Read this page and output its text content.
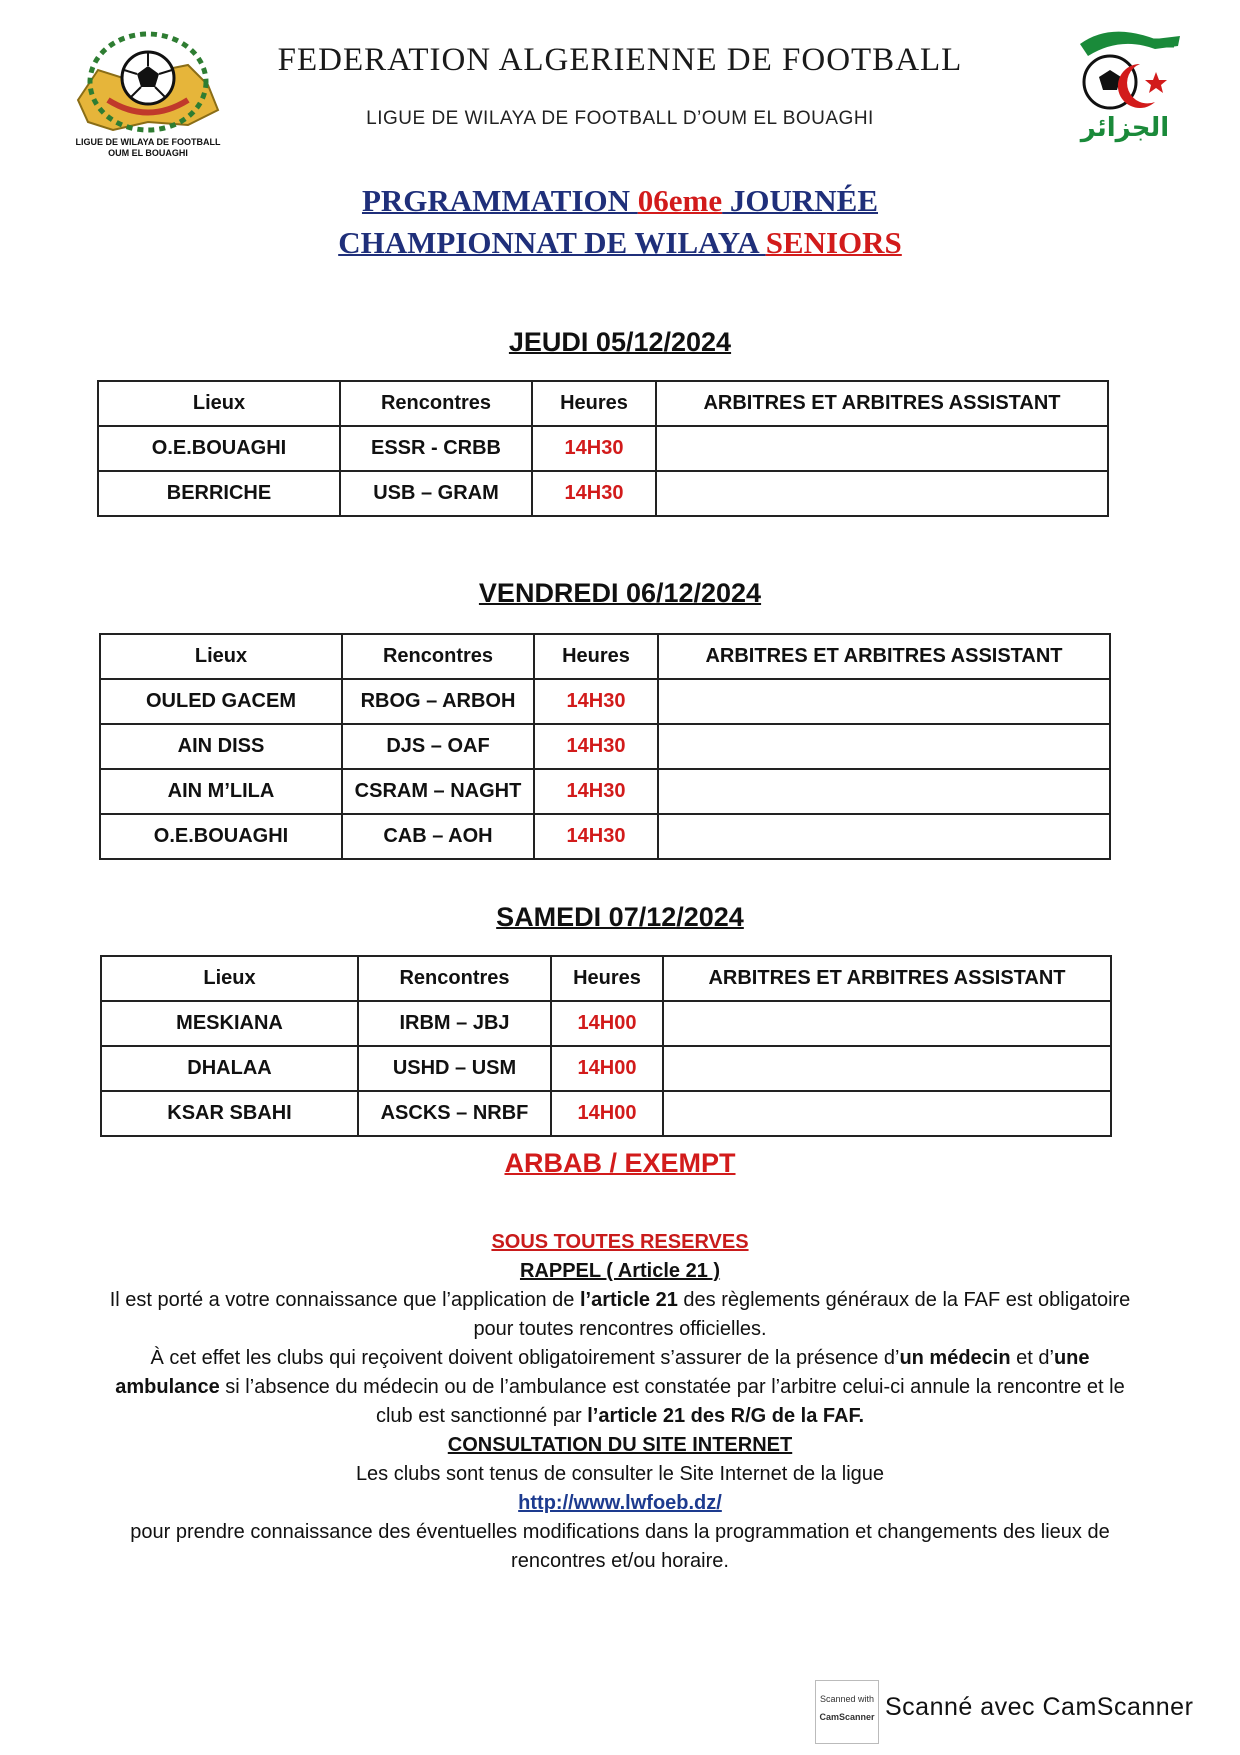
LIGUE DE WILAYA DE FOOTBALL
OUM EL BOUAGHI
FEDERATION ALGERIENNE DE FOOTBALL
LIGUE DE WILAYA DE FOOTBALL D’OUM EL BOUAGHI	الجزائر
PRGRAMMATION 06eme JOURNÉE
CHAMPIONNAT DE WILAYA SENIORS
JEUDI 05/12/2024
Lieux	Rencontres	Heures	ARBITRES ET ARBITRES ASSISTANT
O.E.BOUAGHI	ESSR - CRBB	14H30	
BERRICHE	USB – GRAM	14H30	
VENDREDI 06/12/2024
Lieux	Rencontres	Heures	ARBITRES ET ARBITRES ASSISTANT
OULED GACEM	RBOG – ARBOH	14H30	
AIN DISS	DJS – OAF	14H30	
AIN M’LILA	CSRAM – NAGHT	14H30	
O.E.BOUAGHI	CAB – AOH	14H30	
SAMEDI 07/12/2024
Lieux	Rencontres	Heures	ARBITRES ET ARBITRES ASSISTANT
MESKIANA	IRBM – JBJ	14H00	
DHALAA	USHD – USM	14H00	
KSAR SBAHI	ASCKS – NRBF	14H00	
ARBAB / EXEMPT

SOUS TOUTES RESERVES

RAPPEL ( Article 21 )

Il est porté a votre connaissance que l’application de l’article 21 des règlements généraux de la FAF est obligatoire pour toutes rencontres officielles.

À cet effet les clubs qui reçoivent doivent obligatoirement s’assurer de la présence d’un médecin et d’une ambulance si l’absence du médecin ou de l’ambulance est constatée par l’arbitre celui-ci annule la rencontre et le club est sanctionné par l’article 21 des R/G de la FAF.

CONSULTATION DU SITE INTERNET

Les clubs sont tenus de consulter le Site Internet de la ligue

http://www.lwfoeb.dz/

pour prendre connaissance des éventuelles modifications dans la programmation et changements des lieux de rencontres et/ou horaire.

Scanned with
CamScanner Scanné avec CamScanner
